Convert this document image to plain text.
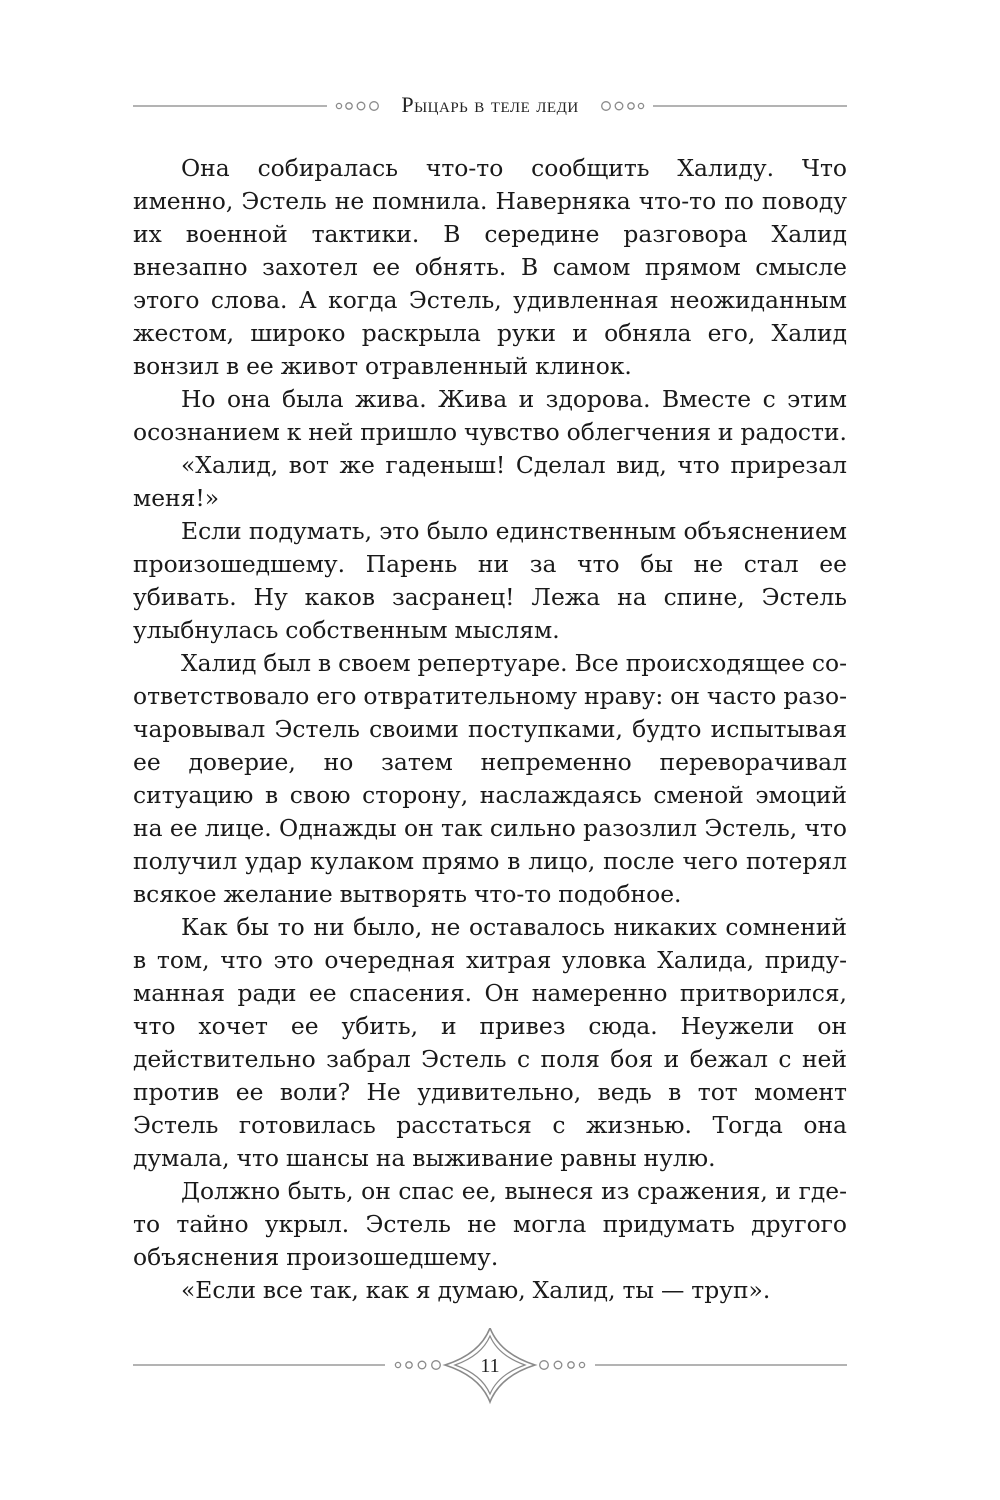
Рыцарь в теле леди

Она собиралась что-то сообщить Халиду. Что именно, Эстель не помнила. Наверняка что-то по поводу их военной тактики. В середине разговора Халид внезапно захотел ее обнять. В самом прямом смысле этого слова. А когда Эстель, удивленная неожиданным жестом, широко раскрыла руки и обняла его, Халид вонзил в ее живот отравленный клинок.

Но она была жива. Жива и здорова. Вместе с этим осознанием к ней пришло чувство облегчения и радости.

«Халид, вот же гаденыш! Сделал вид, что прирезал меня!»

Если подумать, это было единственным объяснением произошедшему. Парень ни за что бы не стал ее убивать. Ну каков засранец! Лежа на спине, Эстель улыбнулась собственным мыслям.

Халид был в своем репертуаре. Все происходящее соответствовало его отвратительному нраву: он часто разочаровывал Эстель своими поступками, будто испытывая ее доверие, но затем непременно переворачивал ситуацию в свою сторону, наслаждаясь сменой эмоций на ее лице. Однажды он так сильно разозлил Эстель, что получил удар кулаком прямо в лицо, после чего потерял всякое желание вытворять что-то подобное.

Как бы то ни было, не оставалось никаких сомнений в том, что это очередная хитрая уловка Халида, придуманная ради ее спасения. Он намеренно притворился, что хочет ее убить, и привез сюда. Неужели он действительно забрал Эстель с поля боя и бежал с ней против ее воли? Не удивительно, ведь в тот момент Эстель готовилась расстаться с жизнью. Тогда она думала, что шансы на выживание равны нулю.

Должно быть, он спас ее, вынеся из сражения, и где-то тайно укрыл. Эстель не могла придумать другого объяснения произошедшему.

«Если все так, как я думаю, Халид, ты — труп».

11
